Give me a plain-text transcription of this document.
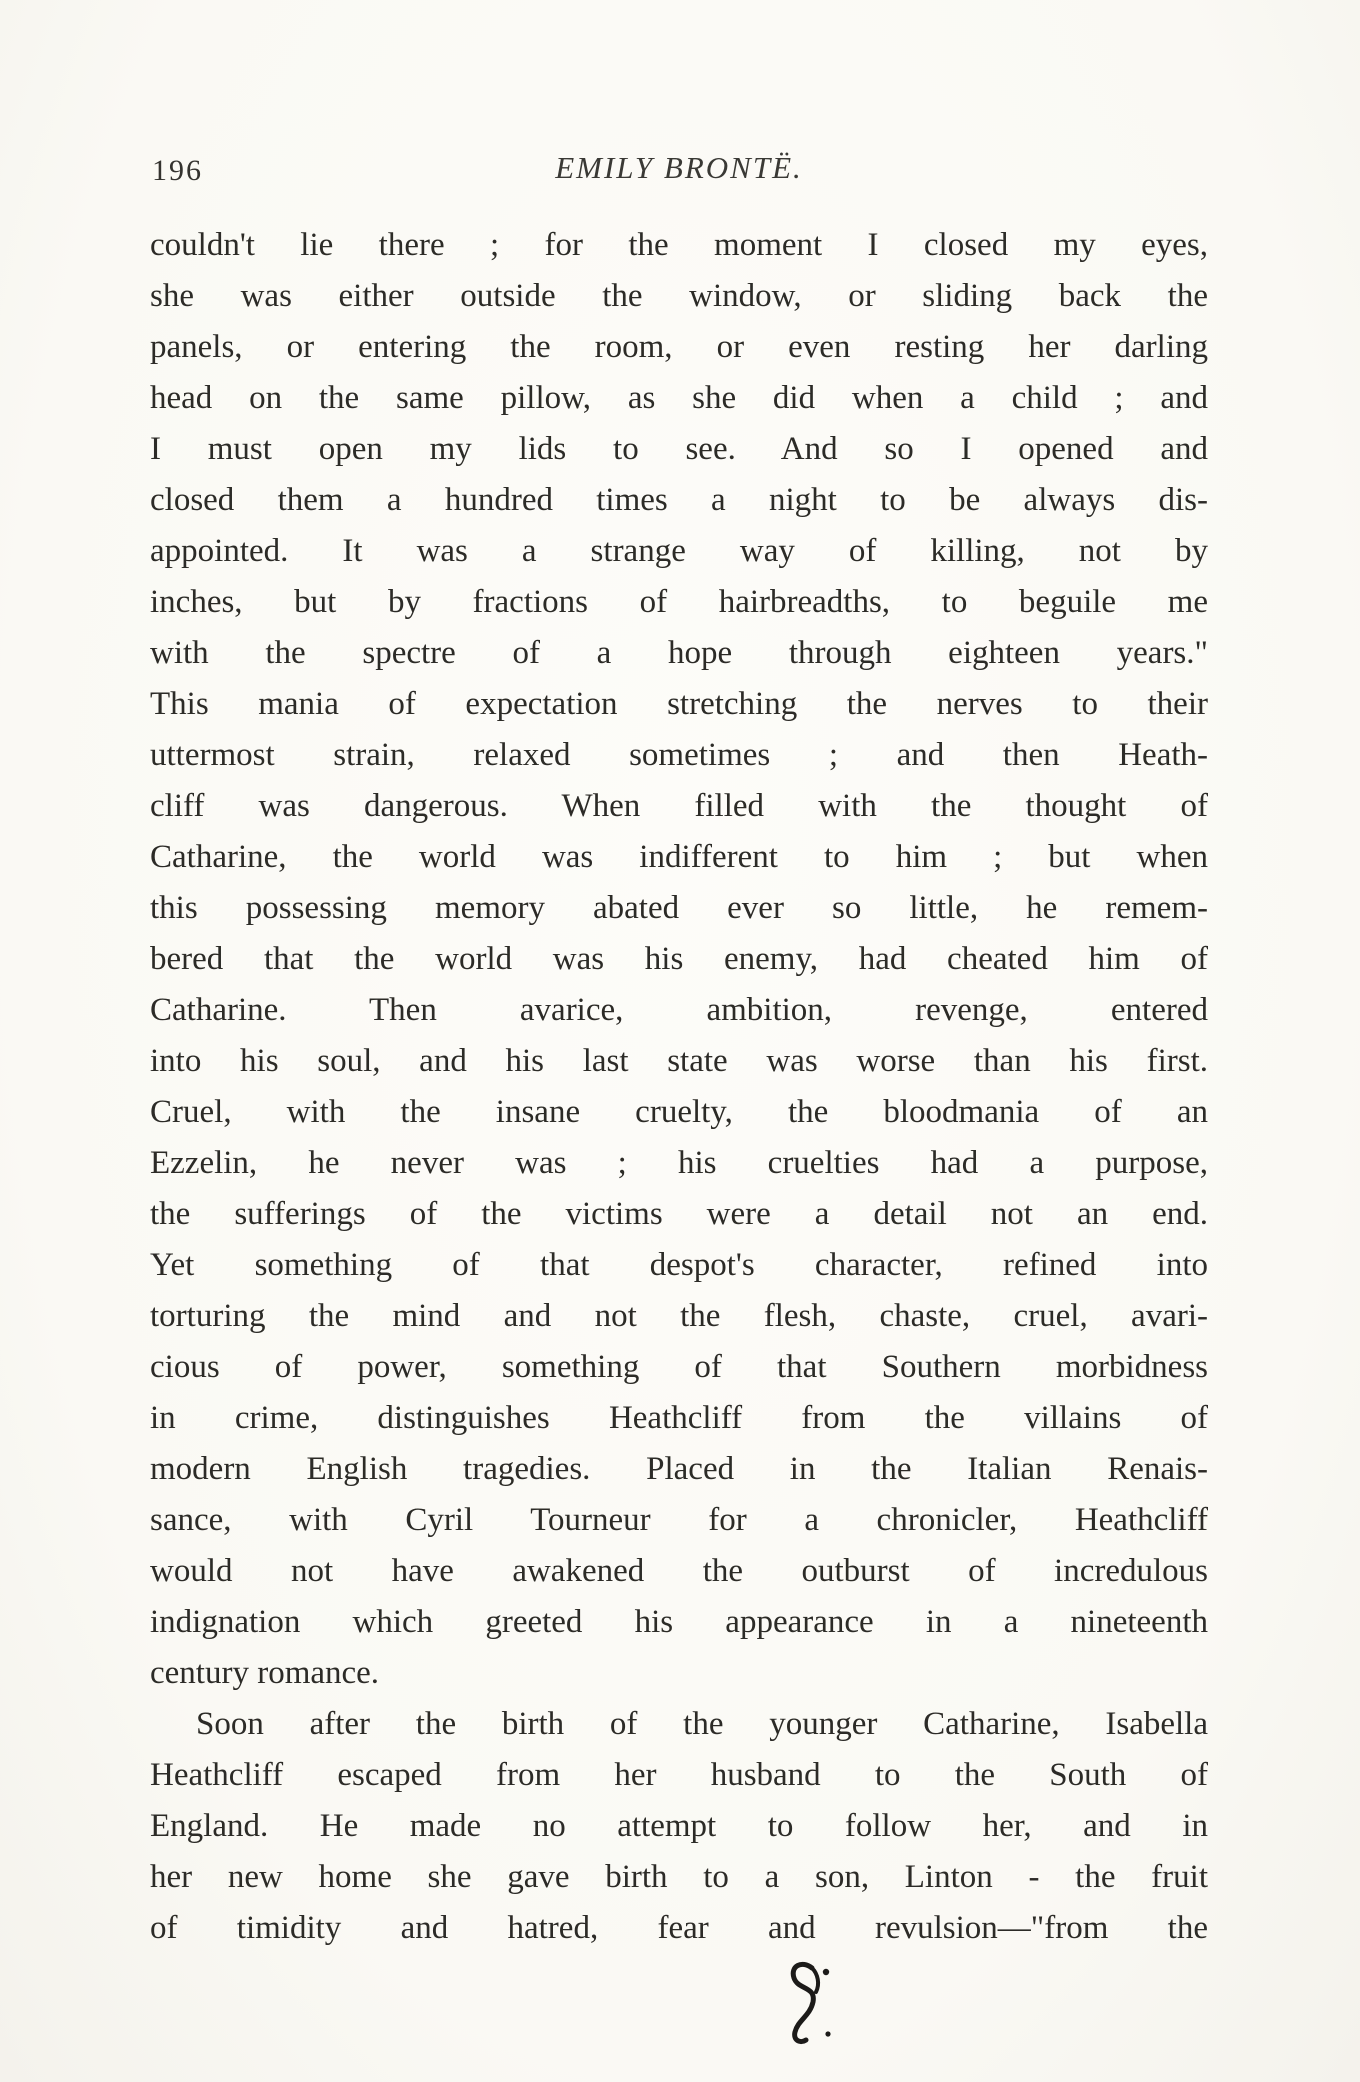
196	EMILY BRONTË.
couldn't lie there ; for the moment I closed my eyes,
she was either outside the window, or sliding back the
panels, or entering the room, or even resting her darling
head on the same pillow, as she did when a child ; and
I must open my lids to see. And so I opened and
closed them a hundred times a night to be always dis-
appointed. It was a strange way of killing, not by
inches, but by fractions of hairbreadths, to beguile me
with the spectre of a hope through eighteen years."
This mania of expectation stretching the nerves to their
uttermost strain, relaxed sometimes ; and then Heath-
cliff was dangerous. When filled with the thought of
Catharine, the world was indifferent to him ; but when
this possessing memory abated ever so little, he remem-
bered that the world was his enemy, had cheated him of
Catharine. Then avarice, ambition, revenge, entered
into his soul, and his last state was worse than his first.
Cruel, with the insane cruelty, the bloodmania of an
Ezzelin, he never was ; his cruelties had a purpose,
the sufferings of the victims were a detail not an end.
Yet something of that despot's character, refined into
torturing the mind and not the flesh, chaste, cruel, avari-
cious of power, something of that Southern morbidness
in crime, distinguishes Heathcliff from the villains of
modern English tragedies. Placed in the Italian Renais-
sance, with Cyril Tourneur for a chronicler, Heathcliff
would not have awakened the outburst of incredulous
indignation which greeted his appearance in a nineteenth
century romance.
Soon after the birth of the younger Catharine, Isabella
Heathcliff escaped from her husband to the South of
England. He made no attempt to follow her, and in
her new home she gave birth to a son, Linton - the fruit
of timidity and hatred, fear and revulsion—"from the
